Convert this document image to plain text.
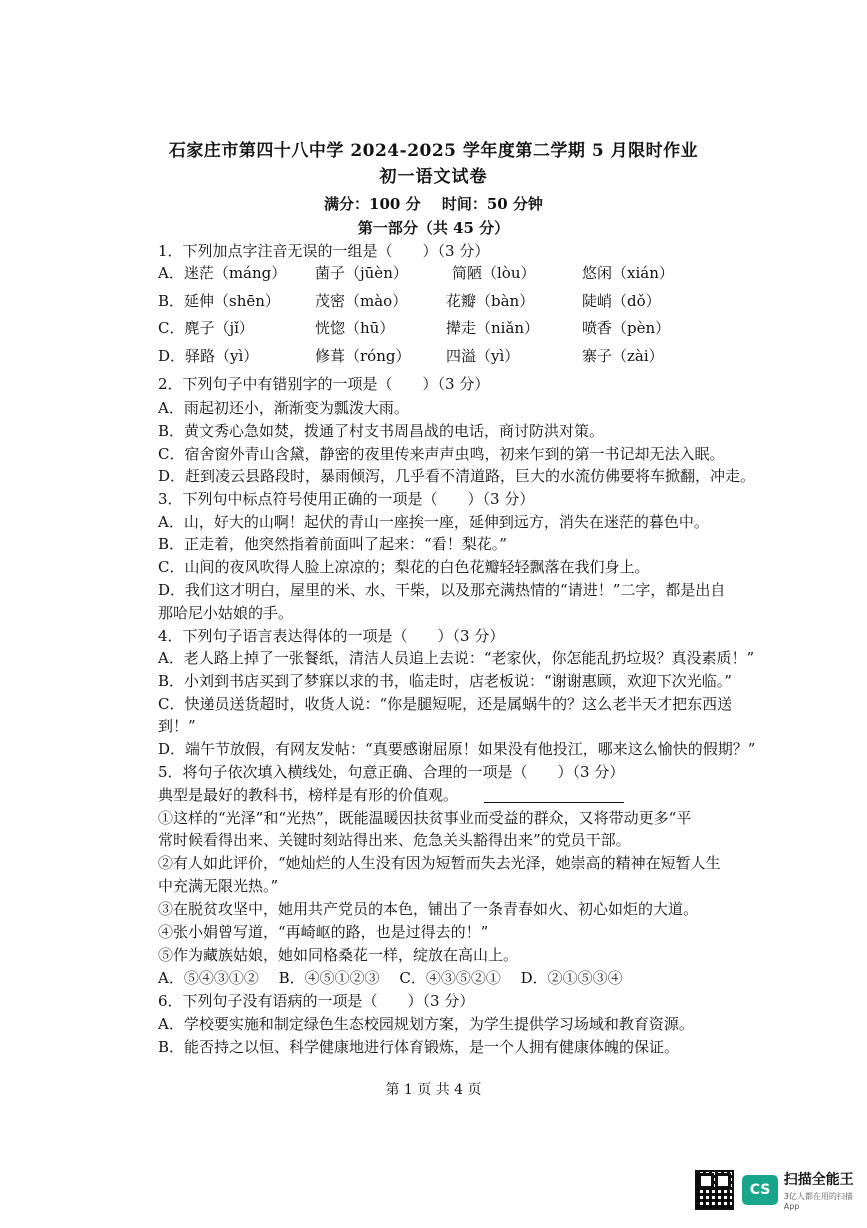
石家庄市第四十八中学 2024-2025 学年度第二学期 5 月限时作业
初一语文试卷
满分：100 分 时间：50 分钟
第一部分（共 45 分）
1．下列加点字注音无误的一组是（　　）（3 分）
A．迷茫（máng） 菌子（jūèn）	简陋（lòu）	悠闲（xián）
B．延伸（shēn） 茂密（mào）	花瓣（bàn）	陡峭（dǒ）
C．麂子（jǐ）	恍惚（hū）	撵走（niǎn）	喷香（pèn）
D．驿路（yì）	修葺（róng） 四溢（yì）	寨子（zài）
2．下列句子中有错别字的一项是（　　）（3 分）
A．雨起初还小，渐渐变为瓢泼大雨。
B．黄文秀心急如焚，拨通了村支书周昌战的电话，商讨防洪对策。
C．宿舍窗外青山含黛，静密的夜里传来声声虫鸣，初来乍到的第一书记却无法入眠。
D．赶到凌云县路段时，暴雨倾泻，几乎看不清道路，巨大的水流仿佛要将车掀翻，冲走。
3．下列句中标点符号使用正确的一项是（　　）（3 分）
A．山，好大的山啊！起伏的青山一座挨一座，延伸到远方，消失在迷茫的暮色中。
B．正走着，他突然指着前面叫了起来：“看！梨花。”
C．山间的夜风吹得人脸上凉凉的；梨花的白色花瓣轻轻飘落在我们身上。
D．我们这才明白，屋里的米、水、干柴，以及那充满热情的“请进！”二字，都是出自
那哈尼小姑娘的手。
4．下列句子语言表达得体的一项是（　　）（3 分）
A．老人路上掉了一张餐纸，清洁人员追上去说：“老家伙，你怎能乱扔垃圾？真没素质！”
B．小刘到书店买到了梦寐以求的书，临走时，店老板说：“谢谢惠顾，欢迎下次光临。”
C．快递员送货超时，收货人说：“你是腿短呢，还是属蜗牛的？这么老半天才把东西送
到！”
D．端午节放假，有网友发帖：“真要感谢屈原！如果没有他投江，哪来这么愉快的假期？”
5．将句子依次填入横线处，句意正确、合理的一项是（　　）（3 分）
典型是最好的教科书，榜样是有形的价值观。
①这样的“光泽”和“光热”，既能温暖因扶贫事业而受益的群众，又将带动更多“平
常时候看得出来、关键时刻站得出来、危急关头豁得出来”的党员干部。
②有人如此评价，“她灿烂的人生没有因为短暂而失去光泽，她崇高的精神在短暂人生
中充满无限光热。”
③在脱贫攻坚中，她用共产党员的本色，铺出了一条青春如火、初心如炬的大道。
④张小娟曾写道，“再崎岖的路，也是过得去的！”
⑤作为藏族姑娘，她如同格桑花一样，绽放在高山上。
A．⑤④③①②　 B．④⑤①②③　 C．④③⑤②①　 D．②①⑤③④
6．下列句子没有语病的一项是（　　）（3 分）
A．学校要实施和制定绿色生态校园规划方案，为学生提供学习场域和教育资源。
B．能否持之以恒、科学健康地进行体育锻炼，是一个人拥有健康体魄的保证。
第 1 页 共 4 页
CS
扫描全能王
3亿人都在用的扫描App
